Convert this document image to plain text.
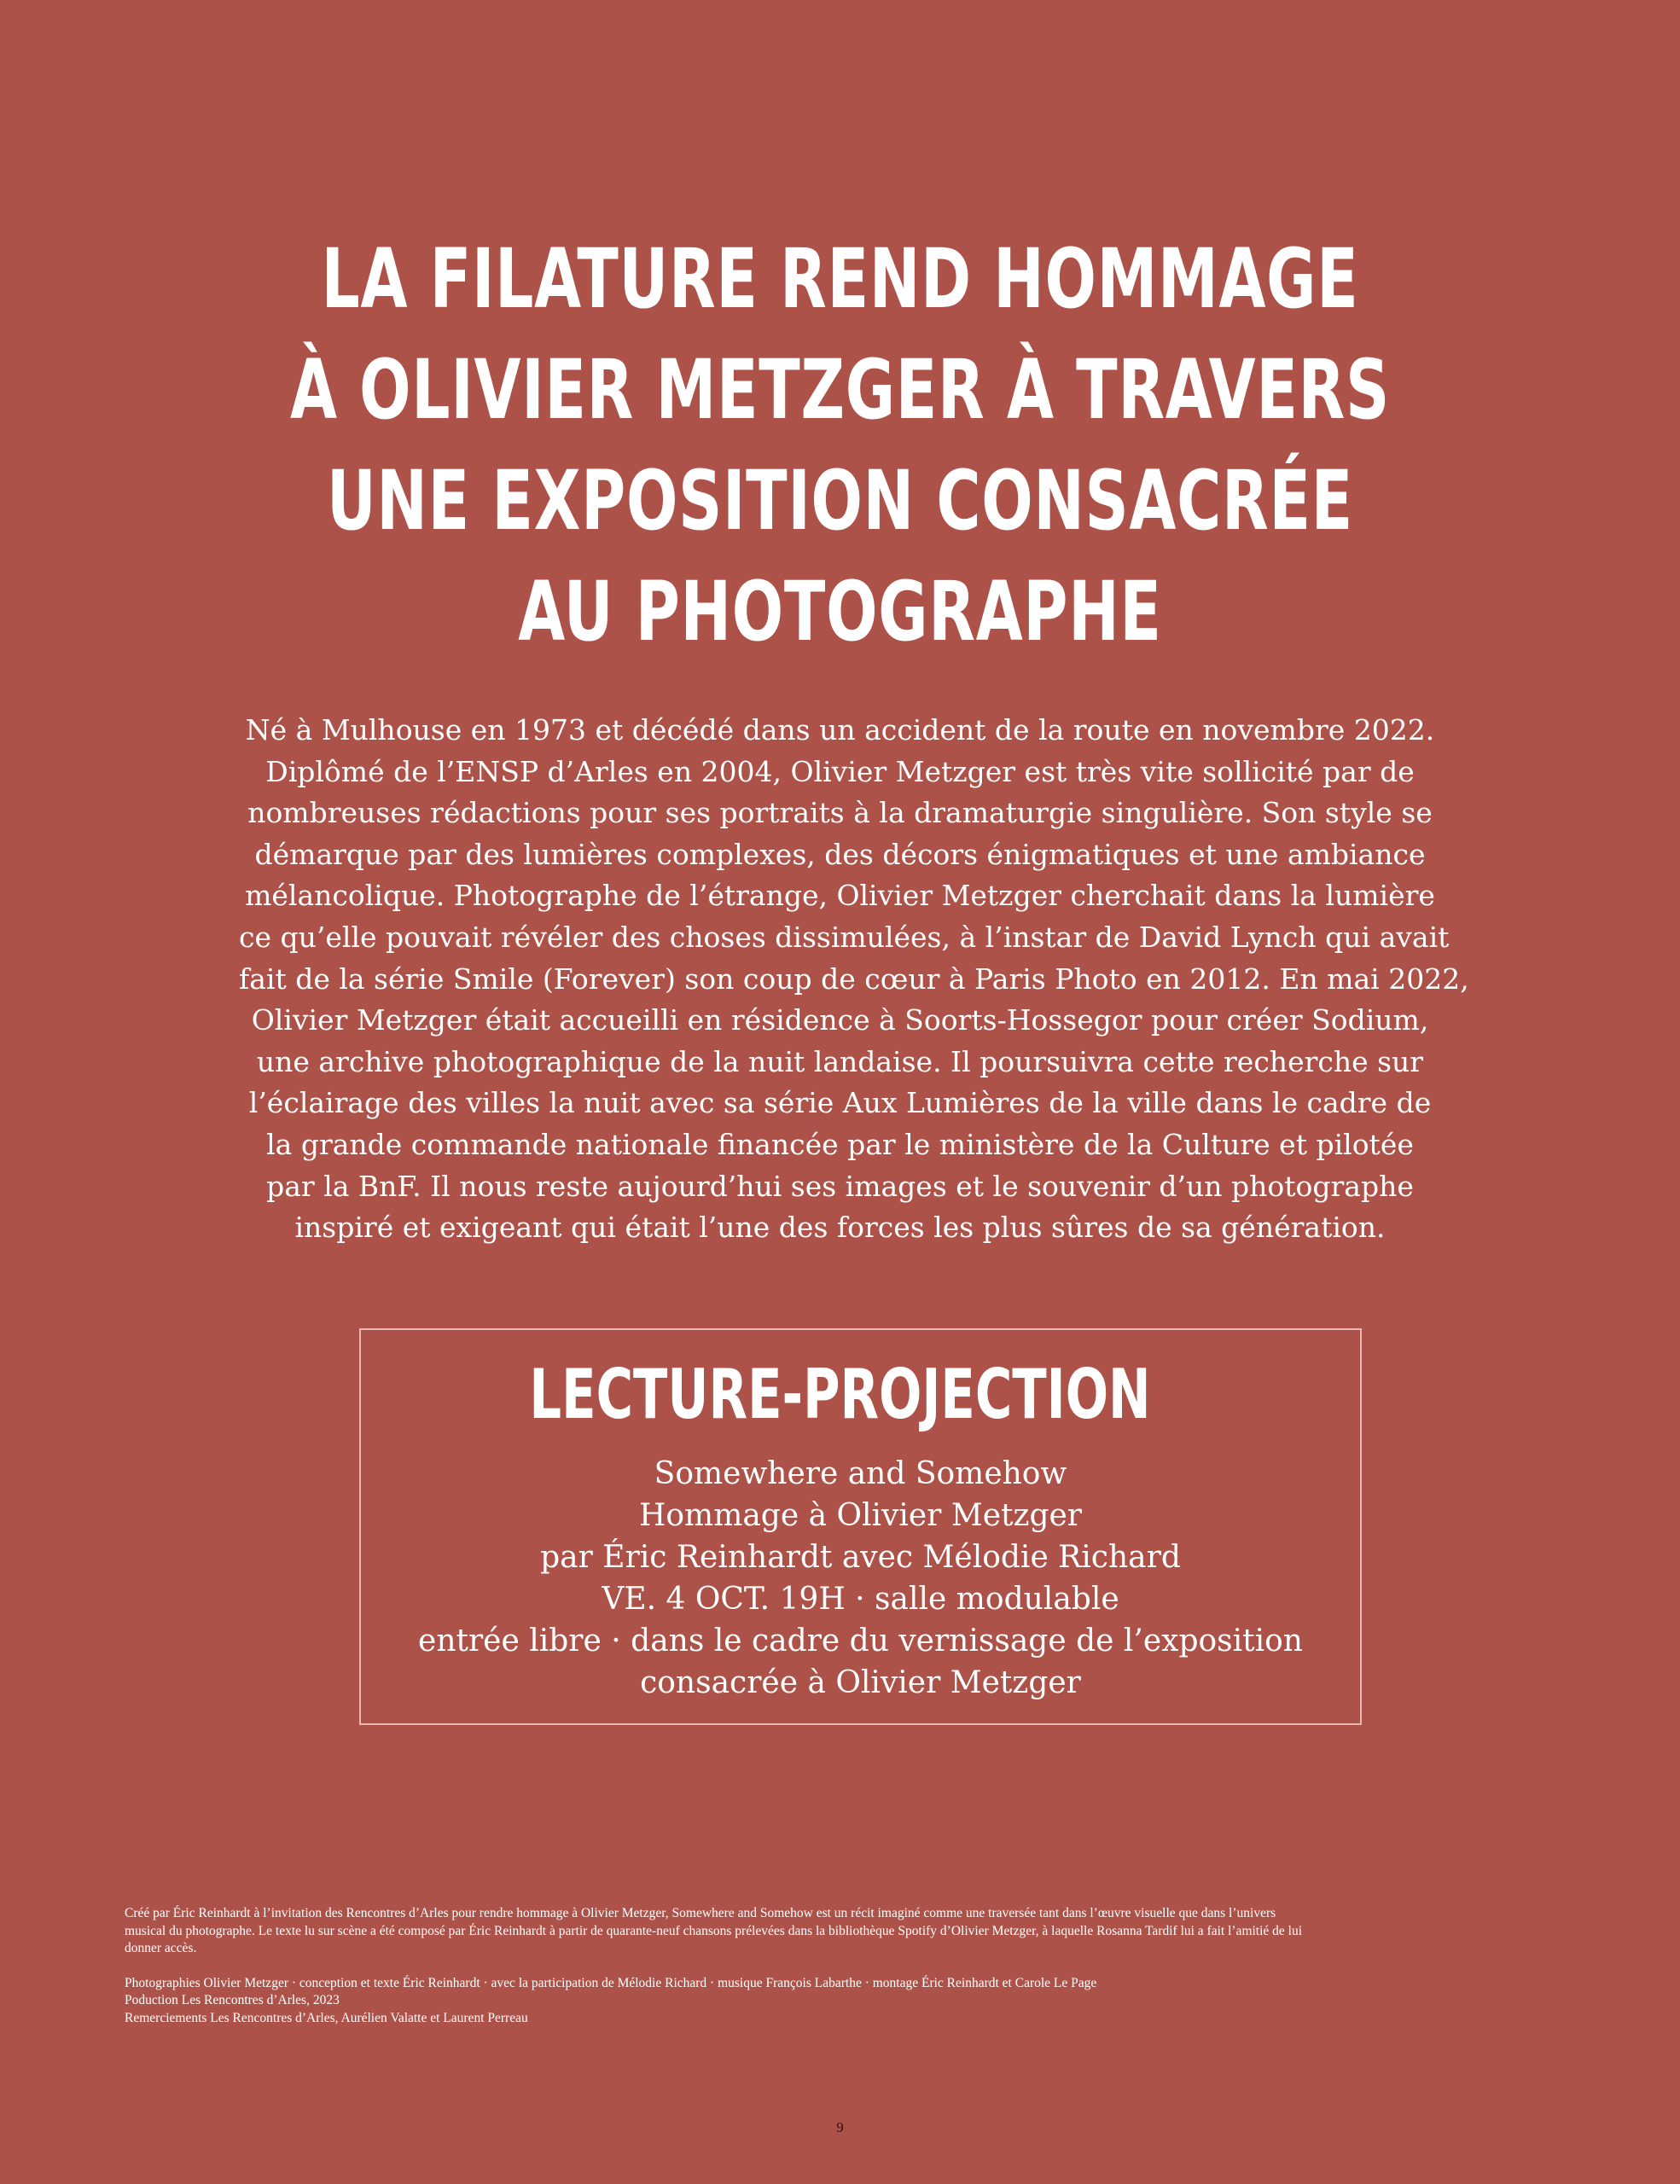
LA FILATURE REND HOMMAGE
À OLIVIER METZGER À TRAVERS
UNE EXPOSITION CONSACRÉE
AU PHOTOGRAPHE

Né à Mulhouse en 1973 et décédé dans un accident de la route en novembre 2022.
Diplômé de l’ENSP d’Arles en 2004, Olivier Metzger est très vite sollicité par de
nombreuses rédactions pour ses portraits à la dramaturgie singulière. Son style se
démarque par des lumières complexes, des décors énigmatiques et une ambiance
mélancolique. Photographe de l’étrange, Olivier Metzger cherchait dans la lumière
ce qu’elle pouvait révéler des choses dissimulées, à l’instar de David Lynch qui avait
fait de la série Smile (Forever) son coup de cœur à Paris Photo en 2012. En mai 2022,
Olivier Metzger était accueilli en résidence à Soorts-Hossegor pour créer Sodium,
une archive photographique de la nuit landaise. Il poursuivra cette recherche sur
l’éclairage des villes la nuit avec sa série Aux Lumières de la ville dans le cadre de
la grande commande nationale financée par le ministère de la Culture et pilotée
par la BnF. Il nous reste aujourd’hui ses images et le souvenir d’un photographe
inspiré et exigeant qui était l’une des forces les plus sûres de sa génération.

LECTURE-PROJECTION

Somewhere and Somehow
Hommage à Olivier Metzger
par Éric Reinhardt avec Mélodie Richard
VE. 4 OCT. 19H · salle modulable
entrée libre · dans le cadre du vernissage de l’exposition
consacrée à Olivier Metzger

Créé par Éric Reinhardt à l’invitation des Rencontres d’Arles pour rendre hommage à Olivier Metzger, Somewhere and Somehow est un récit imaginé comme une traversée tant dans l’œuvre visuelle que dans l’univers
musical du photographe. Le texte lu sur scène a été composé par Éric Reinhardt à partir de quarante-neuf chansons prélevées dans la bibliothèque Spotify d’Olivier Metzger, à laquelle Rosanna Tardif lui a fait l’amitié de lui
donner accès.
Photographies Olivier Metzger · conception et texte Éric Reinhardt · avec la participation de Mélodie Richard · musique François Labarthe · montage Éric Reinhardt et Carole Le Page
Poduction Les Rencontres d’Arles, 2023
Remerciements Les Rencontres d’Arles, Aurélien Valatte et Laurent Perreau
9
